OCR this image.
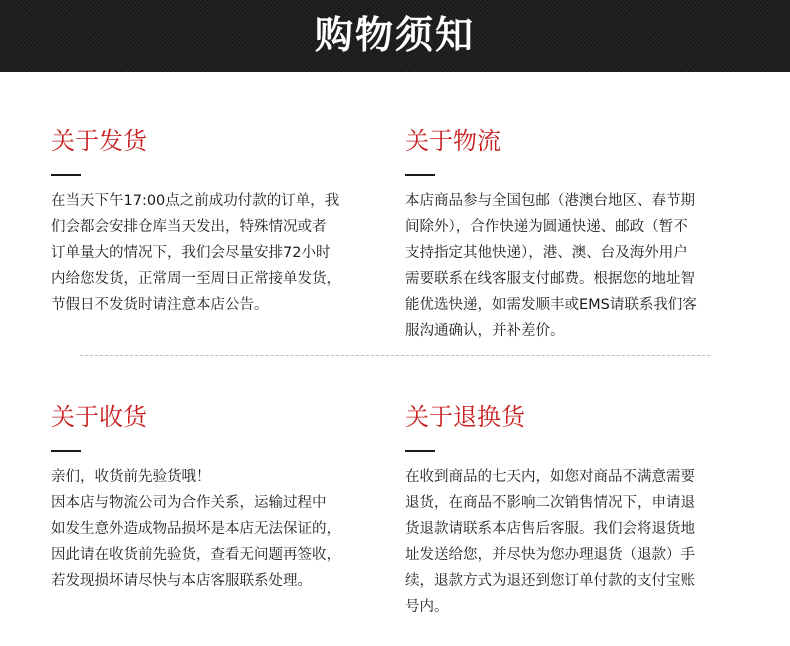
购物须知
关于发货
在当天下午17:00点之前成功付款的订单，我
们会都会安排仓库当天发出，特殊情况或者
订单量大的情况下，我们会尽量安排72小时
内给您发货，正常周一至周日正常接单发货，
节假日不发货时请注意本店公告。
关于物流
本店商品参与全国包邮（港澳台地区、春节期
间除外），合作快递为圆通快递、邮政（暂不
支持指定其他快递），港、澳、台及海外用户
需要联系在线客服支付邮费。根据您的地址智
能优选快递，如需发顺丰或EMS请联系我们客
服沟通确认，并补差价。
关于收货
亲们，收货前先验货哦！
因本店与物流公司为合作关系，运输过程中
如发生意外造成物品损坏是本店无法保证的，
因此请在收货前先验货，查看无问题再签收，
若发现损坏请尽快与本店客服联系处理。
关于退换货
在收到商品的七天内，如您对商品不满意需要
退货，在商品不影响二次销售情况下，申请退
货退款请联系本店售后客服。我们会将退货地
址发送给您，并尽快为您办理退货（退款）手
续，退款方式为退还到您订单付款的支付宝账
号内。
